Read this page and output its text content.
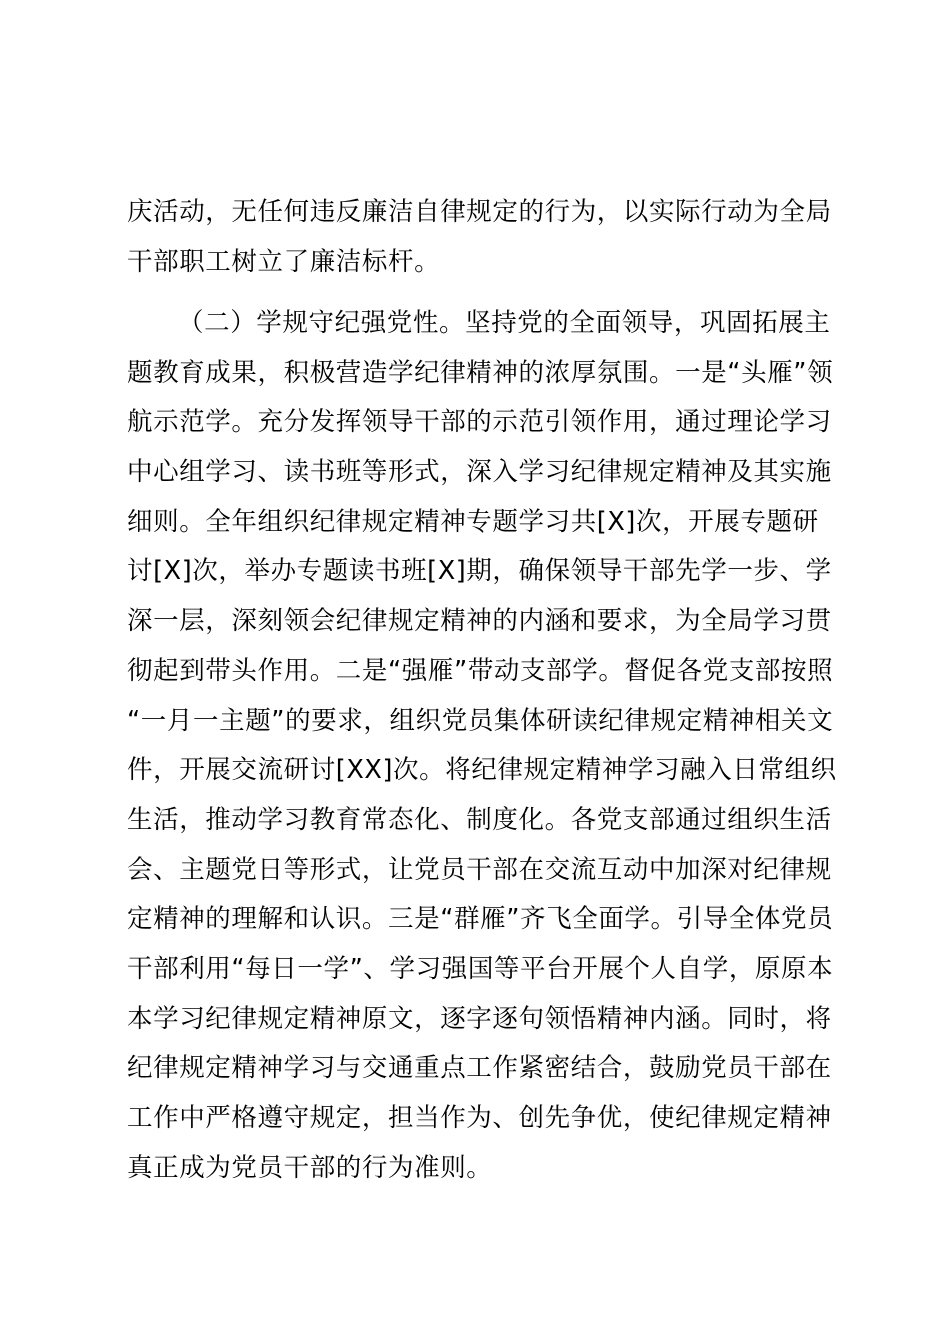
庆活动，无任何违反廉洁自律规定的行为，以实际行动为全局
干部职工树立了廉洁标杆。
（二）学规守纪强党性。坚持党的全面领导，巩固拓展主
题教育成果，积极营造学纪律精神的浓厚氛围。一是“头雁”领
航示范学。充分发挥领导干部的示范引领作用，通过理论学习
中心组学习、读书班等形式，深入学习纪律规定精神及其实施
细则。全年组织纪律规定精神专题学习共[X]次，开展专题研
讨[X]次，举办专题读书班[X]期，确保领导干部先学一步、学
深一层，深刻领会纪律规定精神的内涵和要求，为全局学习贯
彻起到带头作用。二是“强雁”带动支部学。督促各党支部按照
“一月一主题”的要求，组织党员集体研读纪律规定精神相关文
件，开展交流研讨[XX]次。将纪律规定精神学习融入日常组织
生活，推动学习教育常态化、制度化。各党支部通过组织生活
会、主题党日等形式，让党员干部在交流互动中加深对纪律规
定精神的理解和认识。三是“群雁”齐飞全面学。引导全体党员
干部利用“每日一学”、学习强国等平台开展个人自学，原原本
本学习纪律规定精神原文，逐字逐句领悟精神内涵。同时，将
纪律规定精神学习与交通重点工作紧密结合，鼓励党员干部在
工作中严格遵守规定，担当作为、创先争优，使纪律规定精神
真正成为党员干部的行为准则。
